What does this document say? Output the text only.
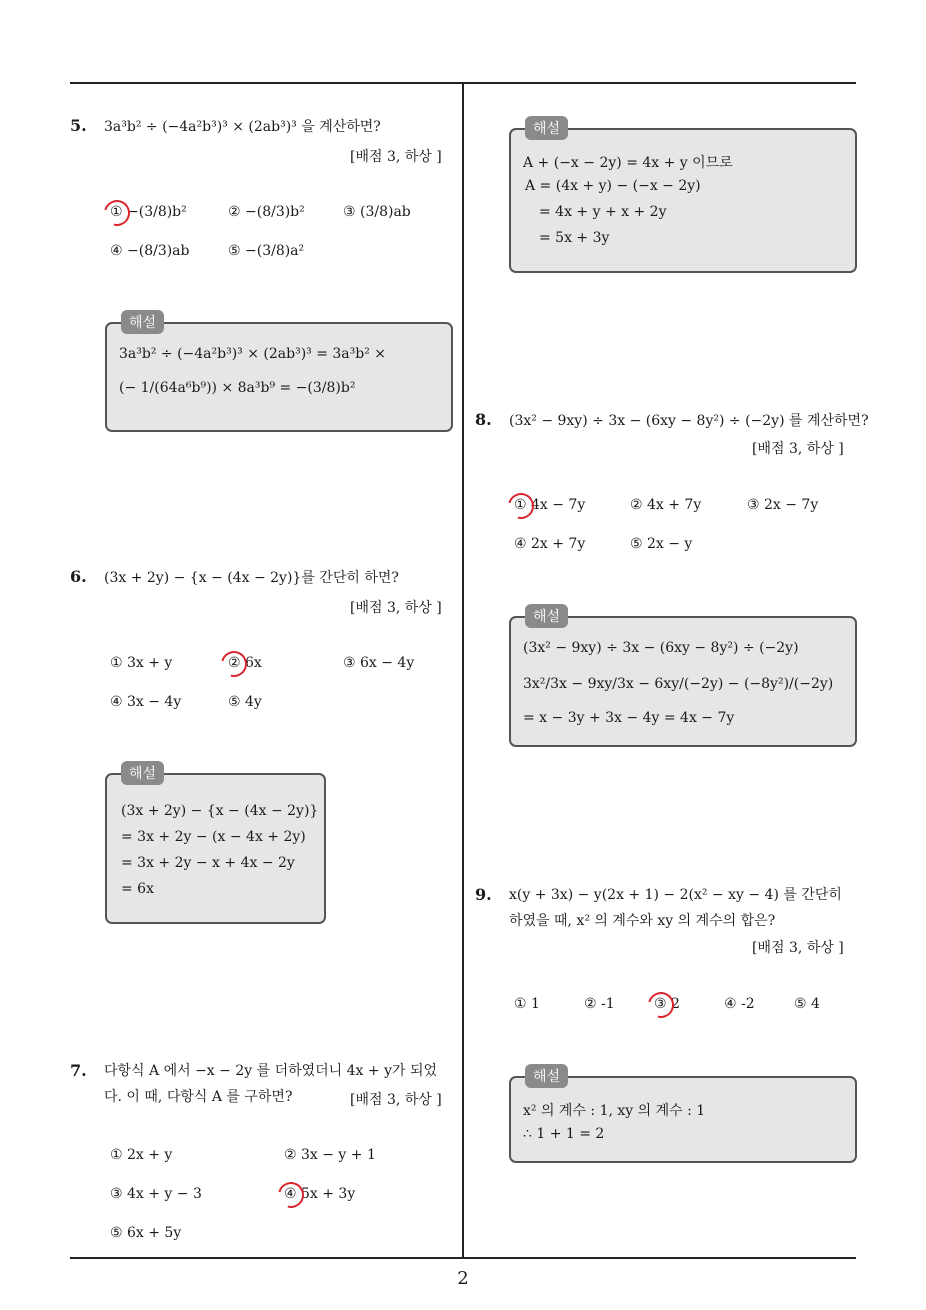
2
5. 3a³b² ÷ (−4a²b³)³ × (2ab³)³ 을 계산하면?
[배점 3, 하상 ]
① −(3/8)b²	② −(8/3)b²	③ (3/8)ab
④ −(8/3)ab	⑤ −(3/8)a²
해설
3a³b² ÷ (−4a²b³)³ × (2ab³)³ = 3a³b² ×
(− 1/(64a⁶b⁹)) × 8a³b⁹ = −(3/8)b²
6. (3x + 2y) − {x − (4x − 2y)}를 간단히 하면?
[배점 3, 하상 ]
① 3x + y	② 6x	③ 6x − 4y
④ 3x − 4y	⑤ 4y
해설
(3x + 2y) − {x − (4x − 2y)}
= 3x + 2y − (x − 4x + 2y)
= 3x + 2y − x + 4x − 2y
= 6x
7. 다항식 A 에서 −x − 2y 를 더하였더니 4x + y가 되었
다. 이 때, 다항식 A 를 구하면?	[배점 3, 하상 ]
① 2x + y	② 3x − y + 1
③ 4x + y − 3	④ 5x + 3y
⑤ 6x + 5y
해설
A + (−x − 2y) = 4x + y 이므로
A = (4x + y) − (−x − 2y)
= 4x + y + x + 2y
= 5x + 3y
8. (3x² − 9xy) ÷ 3x − (6xy − 8y²) ÷ (−2y) 를 계산하면?
[배점 3, 하상 ]
① 4x − 7y	② 4x + 7y	③ 2x − 7y
④ 2x + 7y	⑤ 2x − y
해설
(3x² − 9xy) ÷ 3x − (6xy − 8y²) ÷ (−2y)
3x²/3x − 9xy/3x − 6xy/(−2y) − (−8y²)/(−2y)
= x − 3y + 3x − 4y = 4x − 7y
9. x(y + 3x) − y(2x + 1) − 2(x² − xy − 4) 를 간단히
하였을 때, x² 의 계수와 xy 의 계수의 합은?
[배점 3, 하상 ]
① 1	② -1	③ 2	④ -2	⑤ 4
해설
x² 의 계수 : 1, xy 의 계수 : 1
∴ 1 + 1 = 2
